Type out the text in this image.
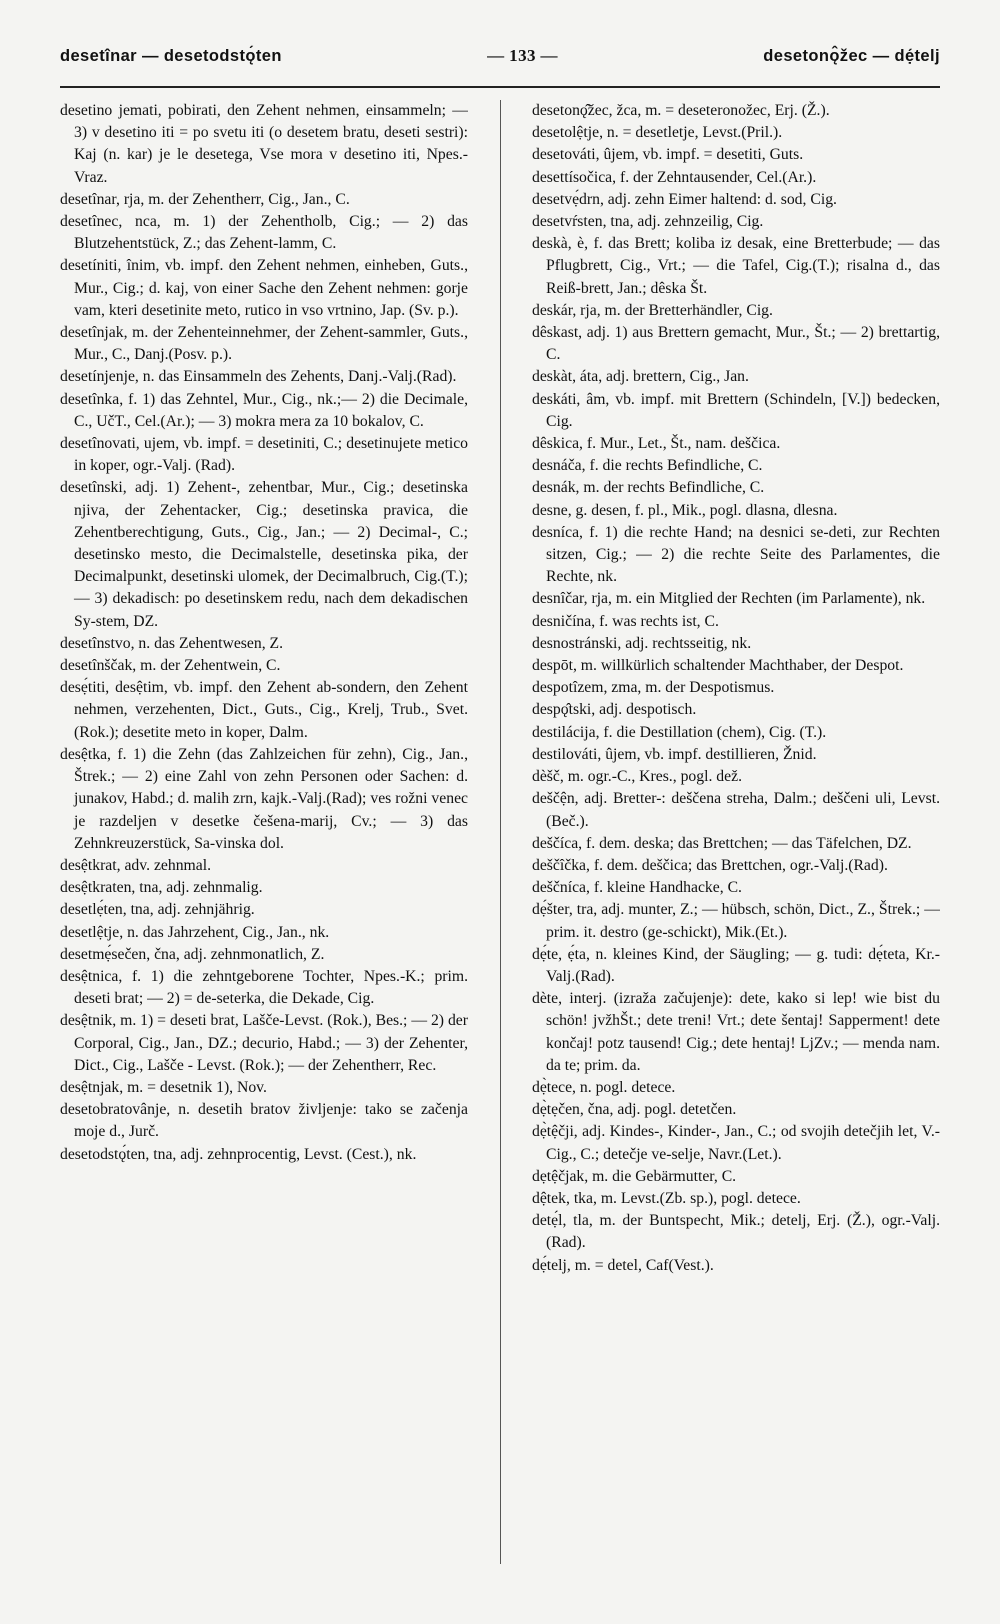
desetînar — desetodstǫ́ten	— 133 —	desetonǫ̂žec — dẹ́telj

desetino jemati, pobirati, den Zehent nehmen, einsammeln; — 3) v desetino iti = po svetu iti (o desetem bratu, deseti sestri): Kaj (n. kar) je le desetega, Vse mora v desetino iti, Npes.-Vraz.

desetînar, rja, m. der Zehentherr, Cig., Jan., C.

desetînec, nca, m. 1) der Zehentholb, Cig.; — 2) das Blutzehentstück, Z.; das Zehent-lamm, C.

desetíniti, înim, vb. impf. den Zehent nehmen, einheben, Guts., Mur., Cig.; d. kaj, von einer Sache den Zehent nehmen: gorje vam, kteri desetinite meto, rutico in vso vrtnino, Jap. (Sv. p.).

desetînjak, m. der Zehenteinnehmer, der Zehent-sammler, Guts., Mur., C., Danj.(Posv. p.).

desetínjenje, n. das Einsammeln des Zehents, Danj.-Valj.(Rad).

desetînka, f. 1) das Zehntel, Mur., Cig., nk.;— 2) die Decimale, C., UčT., Cel.(Ar.); — 3) mokra mera za 10 bokalov, C.

desetînovati, ujem, vb. impf. = desetiniti, C.; desetinujete metico in koper, ogr.-Valj. (Rad).

desetînski, adj. 1) Zehent-, zehentbar, Mur., Cig.; desetinska njiva, der Zehentacker, Cig.; desetinska pravica, die Zehentberechtigung, Guts., Cig., Jan.; — 2) Decimal-, C.; desetinsko mesto, die Decimalstelle, desetinska pika, der Decimalpunkt, desetinski ulomek, der Decimalbruch, Cig.(T.);— 3) dekadisch: po desetinskem redu, nach dem dekadischen Sy-stem, DZ.

desetînstvo, n. das Zehentwesen, Z.

desetînščak, m. der Zehentwein, C.

desẹ́titi, desệtim, vb. impf. den Zehent ab-sondern, den Zehent nehmen, verzehenten, Dict., Guts., Cig., Krelj, Trub., Svet.(Rok.); desetite meto in koper, Dalm.

desệtka, f. 1) die Zehn (das Zahlzeichen für zehn), Cig., Jan., Štrek.; — 2) eine Zahl von zehn Personen oder Sachen: d. junakov, Habd.; d. malih zrn, kajk.-Valj.(Rad); ves rožni venec je razdeljen v desetke češena-marij, Cv.; — 3) das Zehnkreuzerstück, Sa-vinska dol.

desệtkrat, adv. zehnmal.

desệtkraten, tna, adj. zehnmalig.

desetlẹ́ten, tna, adj. zehnjährig.

desetlệtje, n. das Jahrzehent, Cig., Jan., nk.

desetmẹ́sečen, čna, adj. zehnmonatlich, Z.

desệtnica, f. 1) die zehntgeborene Tochter, Npes.-K.; prim. deseti brat; — 2) = de-seterka, die Dekade, Cig.

desệtnik, m. 1) = deseti brat, Lašče-Levst. (Rok.), Bes.; — 2) der Corporal, Cig., Jan., DZ.; decurio, Habd.; — 3) der Zehenter, Dict., Cig., Lašče - Levst. (Rok.); — der Zehentherr, Rec.

desệtnjak, m. = desetnik 1), Nov.

desetobratovânje, n. desetih bratov življenje: tako se začenja moje d., Jurč.

desetodstǫ́ten, tna, adj. zehnprocentig, Levst. (Cest.), nk.

desetonǫ̂žec, žca, m. = deseteronožec, Erj. (Ž.).

desetolệtje, n. = desetletje, Levst.(Pril.).

desetováti, ûjem, vb. impf. = desetiti, Guts.

desettísočica, f. der Zehntausender, Cel.(Ar.).

desetvẹ́drn, adj. zehn Eimer haltend: d. sod, Cig.

desetvŕsten, tna, adj. zehnzeilig, Cig.

deskà, è, f. das Brett; koliba iz desak, eine Bretterbude; — das Pflugbrett, Cig., Vrt.; — die Tafel, Cig.(T.); risalna d., das Reiß-brett, Jan.; dêska Št.

deskár, rja, m. der Bretterhändler, Cig.

dêskast, adj. 1) aus Brettern gemacht, Mur., Št.; — 2) brettartig, C.

deskàt, áta, adj. brettern, Cig., Jan.

deskáti, âm, vb. impf. mit Brettern (Schindeln, [V.]) bedecken, Cig.

dêskica, f. Mur., Let., Št., nam. deščica.

desnáča, f. die rechts Befindliche, C.

desnák, m. der rechts Befindliche, C.

desne, g. desen, f. pl., Mik., pogl. dlasna, dlesna.

desníca, f. 1) die rechte Hand; na desnici se-deti, zur Rechten sitzen, Cig.; — 2) die rechte Seite des Parlamentes, die Rechte, nk.

desnîčar, rja, m. ein Mitglied der Rechten (im Parlamente), nk.

desničína, f. was rechts ist, C.

desnostránski, adj. rechtsseitig, nk.

despōt, m. willkürlich schaltender Machthaber, der Despot.

despotîzem, zma, m. der Despotismus.

despǫ̂tski, adj. despotisch.

destilácija, f. die Destillation (chem), Cig. (T.).

destilováti, ûjem, vb. impf. destillieren, Žnid.

dèšč, m. ogr.-C., Kres., pogl. dež.

deščện, adj. Bretter-: deščena streha, Dalm.; deščeni uli, Levst.(Beč.).

deščíca, f. dem. deska; das Brettchen; — das Täfelchen, DZ.

deščîčka, f. dem. deščica; das Brettchen, ogr.-Valj.(Rad).

deščníca, f. kleine Handhacke, C.

dẹ́šter, tra, adj. munter, Z.; — hübsch, schön, Dict., Z., Štrek.; — prim. it. destro (ge-schickt), Mik.(Et.).

dẹ́te, ẹ́ta, n. kleines Kind, der Säugling; — g. tudi: dẹ́teta, Kr.-Valj.(Rad).

dète, interj. (izraža začujenje): dete, kako si lep! wie bist du schön! jvžhŠt.; dete treni! Vrt.; dete šentaj! Sapperment! dete končaj! potz tausend! Cig.; dete hentaj! LjZv.; — menda nam. da te; prim. da.

dẹ̀tece, n. pogl. detece.

dẹ̀tẹčen, čna, adj. pogl. detetčen.

dẹ̀tệčji, adj. Kindes-, Kinder-, Jan., C.; od svojih detečjih let, V.-Cig., C.; detečje ve-selje, Navr.(Let.).

dẹtệčjak, m. die Gebärmutter, C.

dệtek, tka, m. Levst.(Zb. sp.), pogl. detece.

detẹ́l, tla, m. der Buntspecht, Mik.; detelj, Erj. (Ž.), ogr.-Valj.(Rad).

dẹ́telj, m. = detel, Caf(Vest.).
